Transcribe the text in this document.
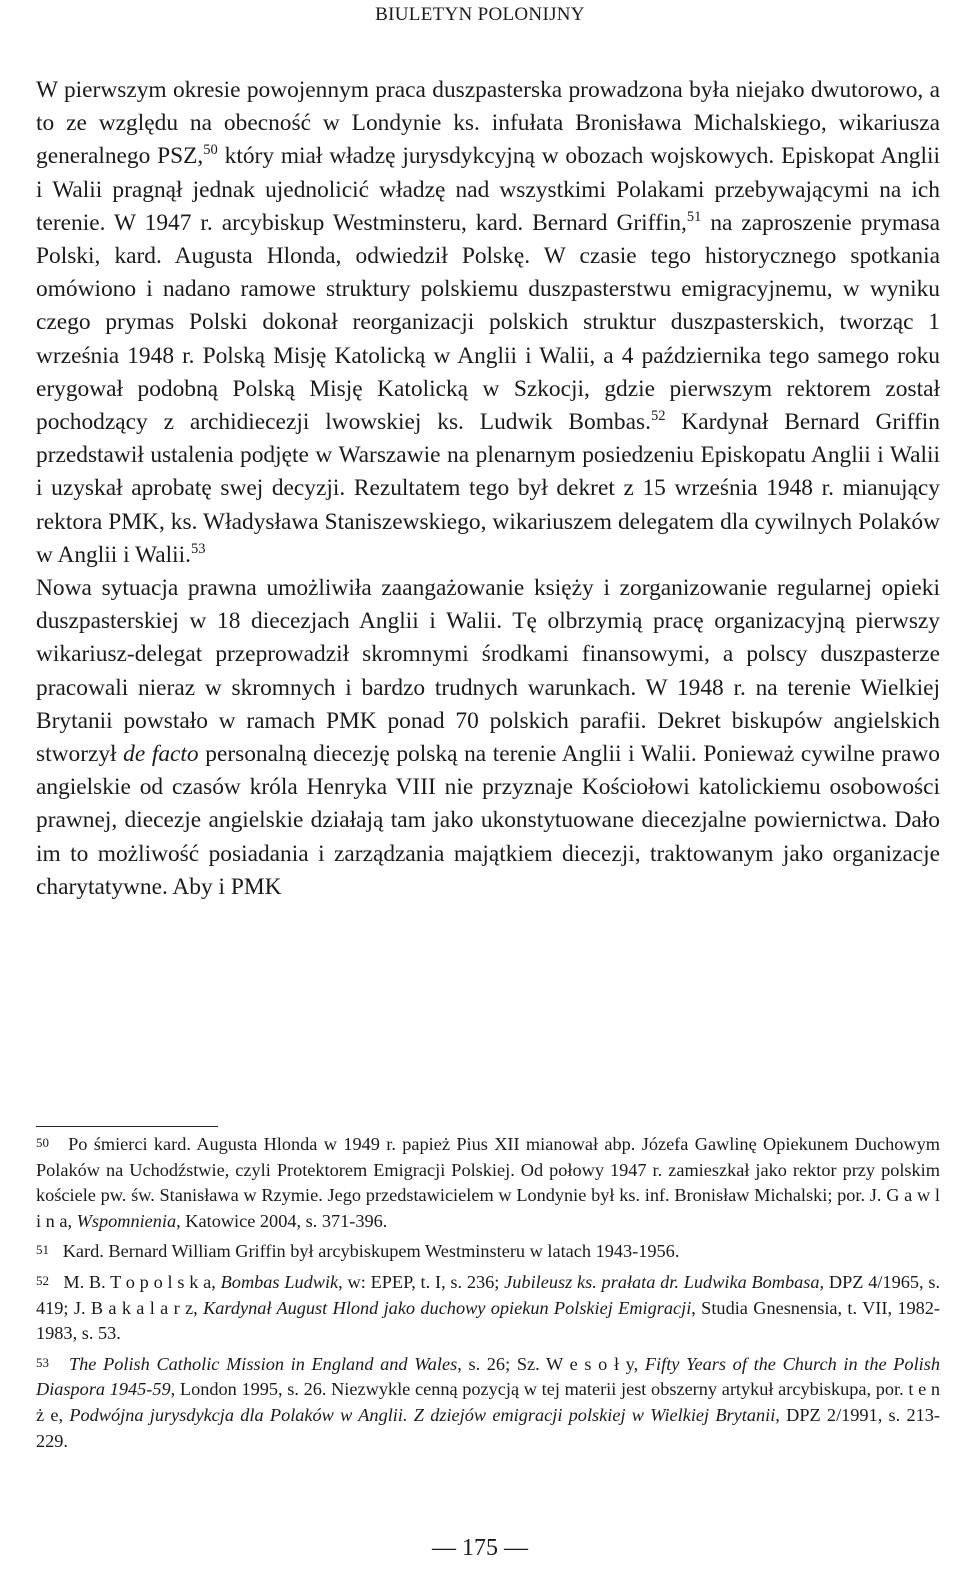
BIULETYN POLONIJNY

W pierwszym okresie powojennym praca duszpasterska prowadzona była niejako dwutorowo, a to ze względu na obecność w Londynie ks. infułata Bronisława Michalskiego, wikariusza generalnego PSZ,$^{50}$ który miał władzę jurysdykcyjną w obozach wojskowych. Episkopat Anglii i Walii pragnął jednak ujednolicić władzę nad wszystkimi Polakami przebywającymi na ich terenie. W 1947 r. arcybiskup Westminsteru, kard. Bernard Griffin,$^{51}$ na zaproszenie prymasa Polski, kard. Augusta Hlonda, odwiedził Polskę. W czasie tego historycznego spotkania omówiono i nadano ramowe struktury polskiemu duszpasterstwu emigracyjnemu, w wyniku czego prymas Polski dokonał reorganizacji polskich struktur duszpasterskich, tworząc 1 września 1948 r. Polską Misję Katolicką w Anglii i Walii, a 4 października tego samego roku erygował podobną Polską Misję Katolicką w Szkocji, gdzie pierwszym rektorem został pochodzący z archidiecezji lwowskiej ks. Ludwik Bombas.$^{52}$ Kardynał Bernard Griffin przedstawił ustalenia podjęte w Warszawie na plenarnym posiedzeniu Episkopatu Anglii i Walii i uzyskał aprobatę swej decyzji. Rezultatem tego był dekret z 15 września 1948 r. mianujący rektora PMK, ks. Władysława Staniszewskiego, wikariuszem delegatem dla cywilnych Polaków w Anglii i Walii.$^{53}$

Nowa sytuacja prawna umożliwiła zaangażowanie księży i zorganizowanie regularnej opieki duszpasterskiej w 18 diecezjach Anglii i Walii. Tę olbrzymią pracę organizacyjną pierwszy wikariusz-delegat przeprowadził skromnymi środkami finansowymi, a polscy duszpasterze pracowali nieraz w skromnych i bardzo trudnych warunkach. W 1948 r. na terenie Wielkiej Brytanii powstało w ramach PMK ponad 70 polskich parafii. Dekret biskupów angielskich stworzył de facto personalną diecezję polską na terenie Anglii i Walii. Ponieważ cywilne prawo angielskie od czasów króla Henryka VIII nie przyznaje Kościołowi katolickiemu osobowości prawnej, diecezje angielskie działają tam jako ukonstytuowane diecezjalne powiernictwa. Dało im to możliwość posiadania i zarządzania majątkiem diecezji, traktowanym jako organizacje charytatywne. Aby i PMK

$^{50}$ Po śmierci kard. Augusta Hlonda w 1949 r. papież Pius XII mianował abp. Józefa Gawlinę Opiekunem Duchowym Polaków na Uchodźstwie, czyli Protektorem Emigracji Polskiej. Od połowy 1947 r. zamieszkał jako rektor przy polskim kościele pw. św. Stanisława w Rzymie. Jego przedstawicielem w Londynie był ks. inf. Bronisław Michalski; por. J. G a w l i n a, Wspomnienia, Katowice 2004, s. 371-396.

$^{51}$ Kard. Bernard William Griffin był arcybiskupem Westminsteru w latach 1943-1956.

$^{52}$ M. B. T o p o l s k a, Bombas Ludwik, w: EPEP, t. I, s. 236; Jubileusz ks. prałata dr. Ludwika Bombasa, DPZ 4/1965, s. 419; J. B a k a l a r z, Kardynał August Hlond jako duchowy opiekun Polskiej Emigracji, Studia Gnesnensia, t. VII, 1982-1983, s. 53.

$^{53}$ The Polish Catholic Mission in England and Wales, s. 26; Sz. W e s o ł y, Fifty Years of the Church in the Polish Diaspora 1945-59, London 1995, s. 26. Niezwykle cenną pozycją w tej materii jest obszerny artykuł arcybiskupa, por. t e n ż e, Podwójna jurysdykcja dla Polaków w Anglii. Z dziejów emigracji polskiej w Wielkiej Brytanii, DPZ 2/1991, s. 213-229.

— 175 —
